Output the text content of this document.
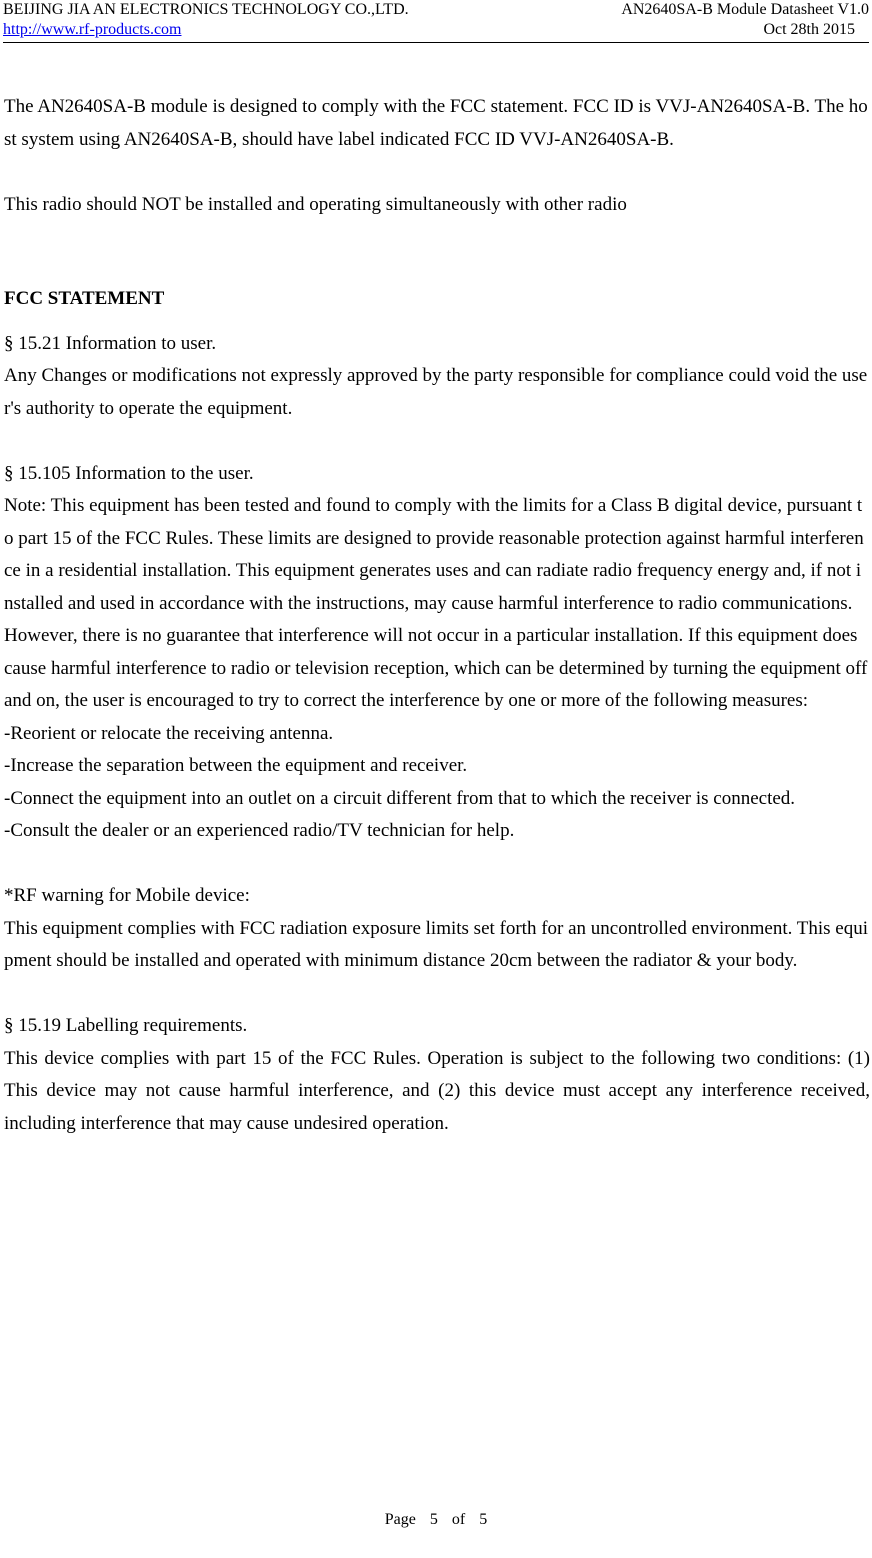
BEIJING JIA AN ELECTRONICS TECHNOLOGY CO.,LTD.	AN2640SA-B Module Datasheet V1.0
http://www.rf-products.com	Oct 28th 2015

The AN2640SA-B module is designed to comply with the FCC statement. FCC ID is VVJ-AN2640SA-B. The host system using AN2640SA-B, should have label indicated FCC ID VVJ-AN2640SA-B.

This radio should NOT be installed and operating simultaneously with other radio

FCC STATEMENT

§ 15.21 Information to user.

Any Changes or modifications not expressly approved by the party responsible for compliance could void the user's authority to operate the equipment.

§ 15.105 Information to the user.

Note: This equipment has been tested and found to comply with the limits for a Class B digital device, pursuant to part 15 of the FCC Rules. These limits are designed to provide reasonable protection against harmful interference in a residential installation. This equipment generates uses and can radiate radio frequency energy and, if not installed and used in accordance with the instructions, may cause harmful interference to radio communications. However, there is no guarantee that interference will not occur in a particular installation. If this equipment does cause harmful interference to radio or television reception, which can be determined by turning the equipment off and on, the user is encouraged to try to correct the interference by one or more of the following measures:

-Reorient or relocate the receiving antenna.

-Increase the separation between the equipment and receiver.

-Connect the equipment into an outlet on a circuit different from that to which the receiver is connected.

-Consult the dealer or an experienced radio/TV technician for help.

*RF warning for Mobile device:

This equipment complies with FCC radiation exposure limits set forth for an uncontrolled environment. This equipment should be installed and operated with minimum distance 20cm between the radiator & your body.

§ 15.19 Labelling requirements.

This device complies with part 15 of the FCC Rules. Operation is subject to the following two conditions: (1) This device may not cause harmful interference, and (2) this device must accept any interference received, including interference that may cause undesired operation.

Page 5 of 5
